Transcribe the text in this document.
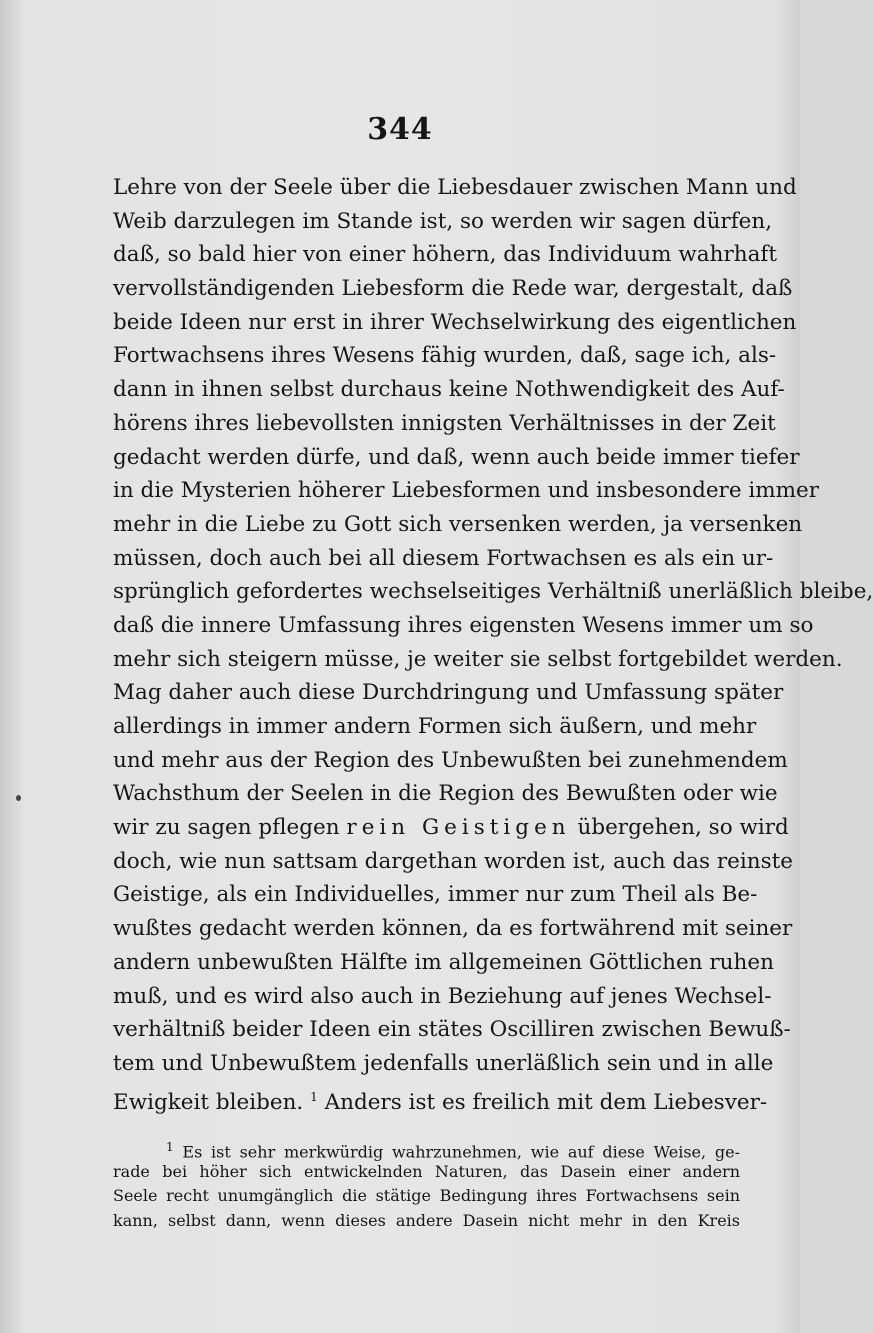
344
Lehre von der Seele über die Liebesdauer zwischen Mann und
Weib darzulegen im Stande ist, so werden wir sagen dürfen,
daß, so bald hier von einer höhern, das Individuum wahrhaft
vervollständigenden Liebesform die Rede war, dergestalt, daß
beide Ideen nur erst in ihrer Wechselwirkung des eigentlichen
Fortwachsens ihres Wesens fähig wurden, daß, sage ich, als-
dann in ihnen selbst durchaus keine Nothwendigkeit des Auf-
hörens ihres liebevollsten innigsten Verhältnisses in der Zeit
gedacht werden dürfe, und daß, wenn auch beide immer tiefer
in die Mysterien höherer Liebesformen und insbesondere immer
mehr in die Liebe zu Gott sich versenken werden, ja versenken
müssen, doch auch bei all diesem Fortwachsen es als ein ur-
sprünglich gefordertes wechselseitiges Verhältniß unerläßlich bleibe,
daß die innere Umfassung ihres eigensten Wesens immer um so
mehr sich steigern müsse, je weiter sie selbst fortgebildet werden.
Mag daher auch diese Durchdringung und Umfassung später
allerdings in immer andern Formen sich äußern, und mehr
und mehr aus der Region des Unbewußten bei zunehmendem
Wachsthum der Seelen in die Region des Bewußten oder wie
wir zu sagen pflegen rein Geistigen übergehen, so wird
doch, wie nun sattsam dargethan worden ist, auch das reinste
Geistige, als ein Individuelles, immer nur zum Theil als Be-
wußtes gedacht werden können, da es fortwährend mit seiner
andern unbewußten Hälfte im allgemeinen Göttlichen ruhen
muß, und es wird also auch in Beziehung auf jenes Wechsel-
verhältniß beider Ideen ein stätes Oscilliren zwischen Bewuß-
tem und Unbewußtem jedenfalls unerläßlich sein und in alle
Ewigkeit bleiben. $^1$ Anders ist es freilich mit dem Liebesver-
$^1$ Es ist sehr merkwürdig wahrzunehmen, wie auf diese Weise, ge-
rade bei höher sich entwickelnden Naturen, das Dasein einer andern
Seele recht unumgänglich die stätige Bedingung ihres Fortwachsens sein
kann, selbst dann, wenn dieses andere Dasein nicht mehr in den Kreis
